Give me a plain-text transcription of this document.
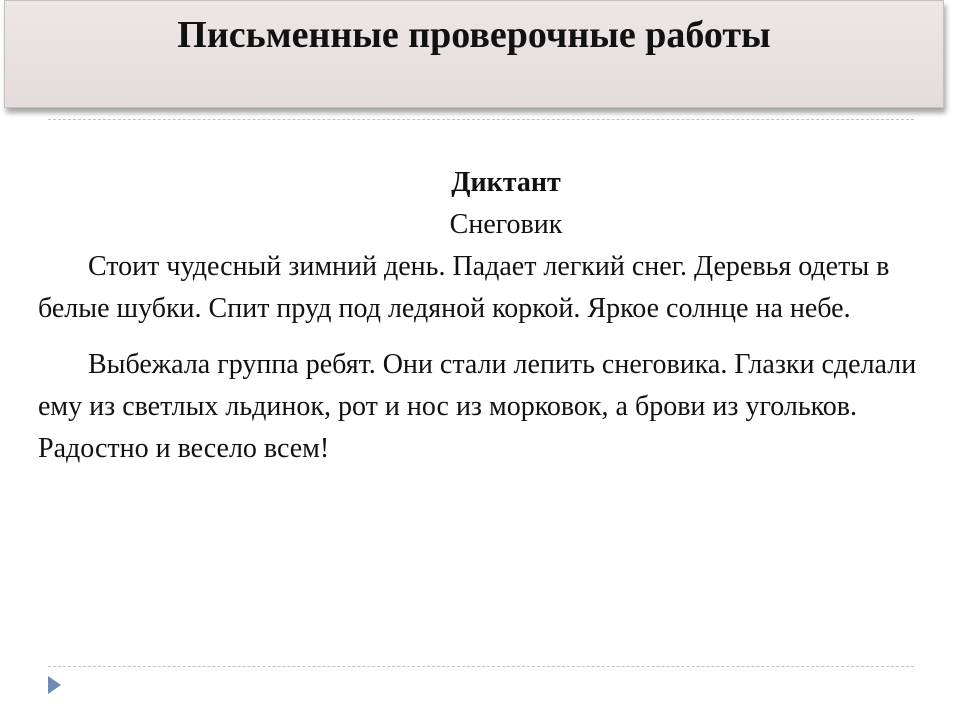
Письменные проверочные работы

Диктант

Снеговик

Стоит чудесный зимний день. Падает легкий снег. Деревья одеты в белые шубки. Спит пруд под ледяной коркой. Яркое солнце на небе.

Выбежала группа ребят. Они стали лепить снеговика. Глазки сделали ему из светлых льдинок, рот и нос из морковок, а брови из угольков. Радостно и весело всем!
